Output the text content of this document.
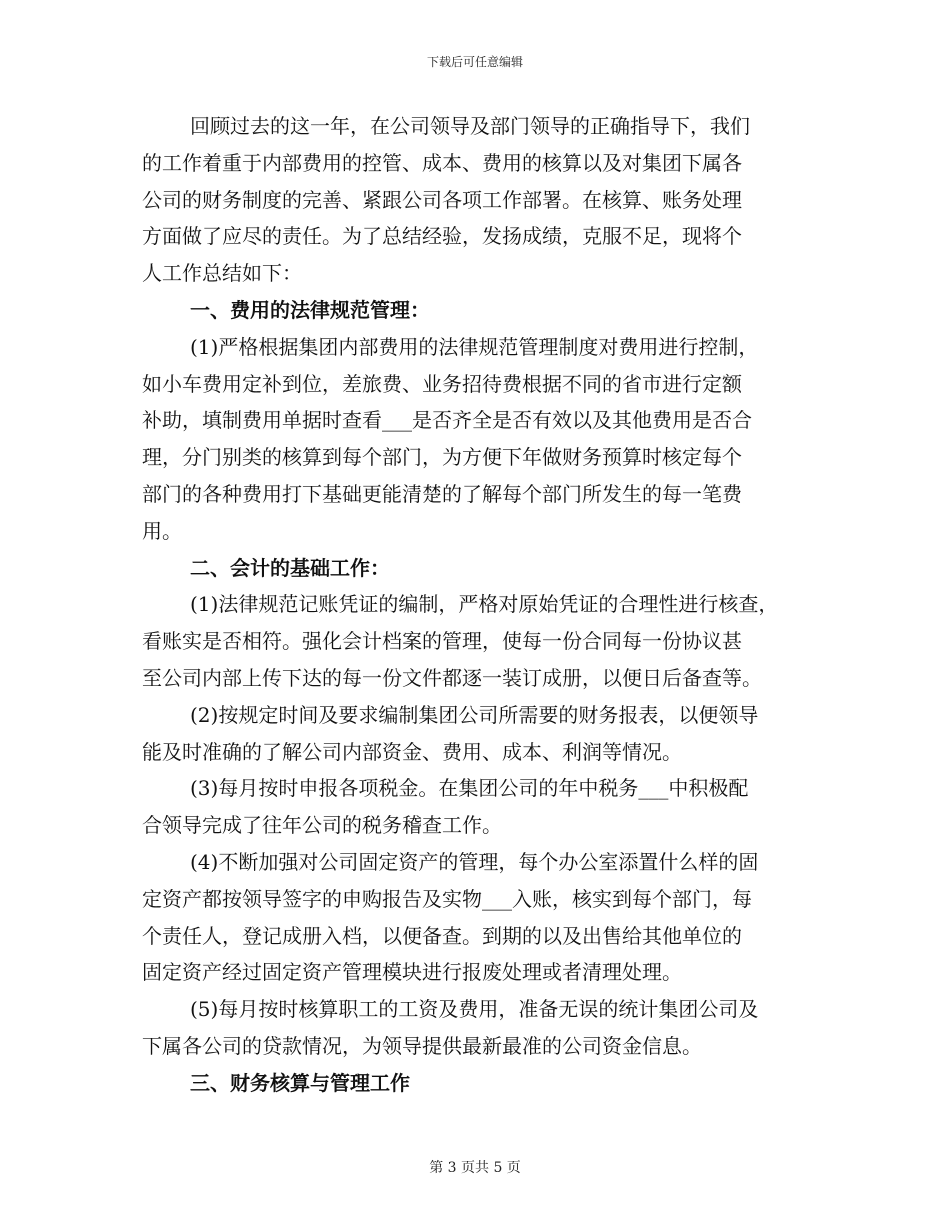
下载后可任意编辑
回顾过去的这一年，在公司领导及部门领导的正确指导下，我们
的工作着重于内部费用的控管、成本、费用的核算以及对集团下属各
公司的财务制度的完善、紧跟公司各项工作部署。在核算、账务处理
方面做了应尽的责任。为了总结经验，发扬成绩，克服不足，现将个
人工作总结如下：
一、费用的法律规范管理：
(1)严格根据集团内部费用的法律规范管理制度对费用进行控制，
如小车费用定补到位，差旅费、业务招待费根据不同的省市进行定额
补助，填制费用单据时查看___是否齐全是否有效以及其他费用是否合
理，分门别类的核算到每个部门，为方便下年做财务预算时核定每个
部门的各种费用打下基础更能清楚的了解每个部门所发生的每一笔费
用。
二、会计的基础工作：
(1)法律规范记账凭证的编制，严格对原始凭证的合理性进行核查，
看账实是否相符。强化会计档案的管理，使每一份合同每一份协议甚
至公司内部上传下达的每一份文件都逐一装订成册，以便日后备查等。
(2)按规定时间及要求编制集团公司所需要的财务报表，以便领导
能及时准确的了解公司内部资金、费用、成本、利润等情况。
(3)每月按时申报各项税金。在集团公司的年中税务___中积极配
合领导完成了往年公司的税务稽查工作。
(4)不断加强对公司固定资产的管理，每个办公室添置什么样的固
定资产都按领导签字的申购报告及实物___入账，核实到每个部门，每
个责任人，登记成册入档，以便备查。到期的以及出售给其他单位的
固定资产经过固定资产管理模块进行报废处理或者清理处理。
(5)每月按时核算职工的工资及费用，准备无误的统计集团公司及
下属各公司的贷款情况，为领导提供最新最准的公司资金信息。
三、财务核算与管理工作
第 3 页共 5 页
